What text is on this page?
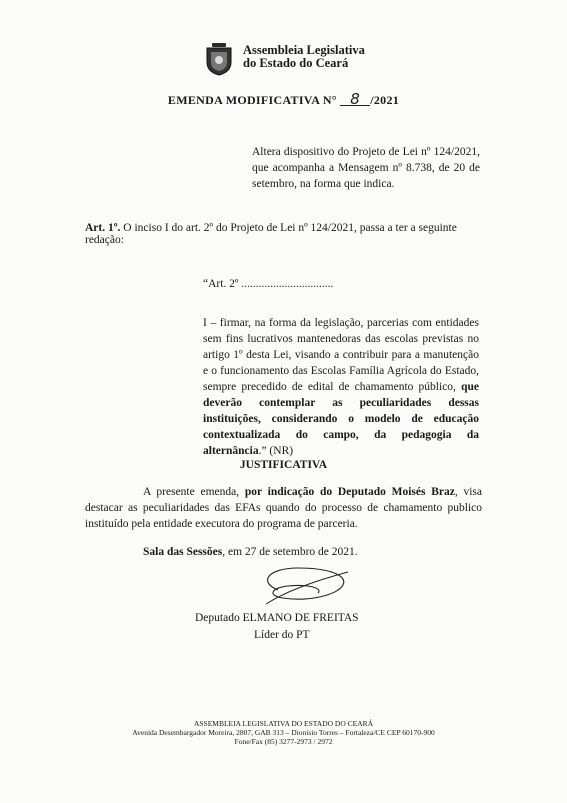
Assembleia Legislativa
do Estado do Ceará
EMENDA MODIFICATIVA N° 8 /2021
Altera dispositivo do Projeto de Lei nº 124/2021, que acompanha a Mensagem nº 8.738, de 20 de setembro, na forma que indica.
Art. 1º. O inciso I do art. 2º do Projeto de Lei nº 124/2021, passa a ter a seguinte redação:
“Art. 2º ................................
I – firmar, na forma da legislação, parcerias com entidades sem fins lucrativos mantenedoras das escolas previstas no artigo 1º desta Lei, visando a contribuir para a manutenção e o funcionamento das Escolas Família Agrícola do Estado, sempre precedido de edital de chamamento público, que deverão contemplar as peculiaridades dessas instituições, considerando o modelo de educação contextualizada do campo, da pedagogia da alternância.” (NR)
JUSTIFICATIVA
A presente emenda, por indicação do Deputado Moisés Braz, visa destacar as peculiaridades das EFAs quando do processo de chamamento publico instituído pela entidade executora do programa de parceria.
Sala das Sessões, em 27 de setembro de 2021.
Deputado ELMANO DE FREITAS
Líder do PT
ASSEMBLEIA LEGISLATIVA DO ESTADO DO CEARÁ
Avenida Desembargador Moreira, 2807, GAB 313 – Dionísio Torres – Fortaleza/CE CEP 60170-900
Fone/Fax (85) 3277-2973 / 2972
